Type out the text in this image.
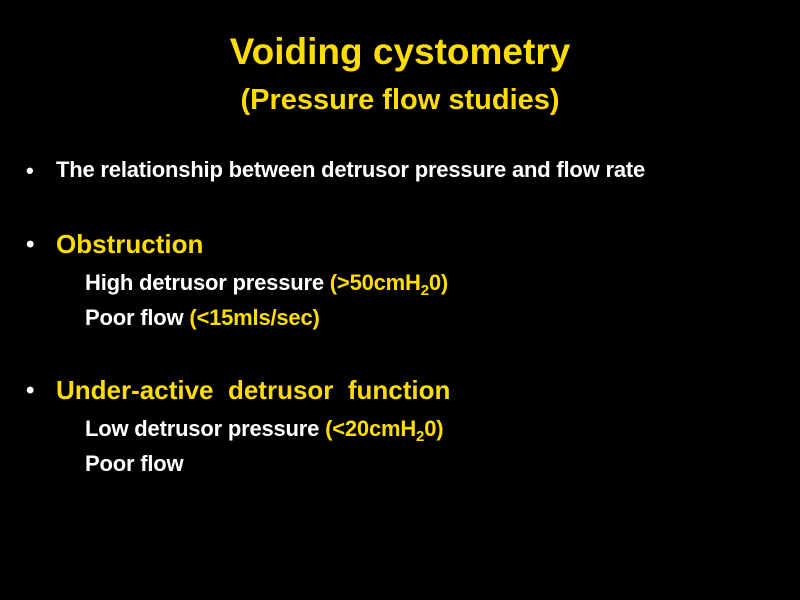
Voiding cystometry
(Pressure flow studies)
• The relationship between detrusor pressure and flow rate
• Obstruction
High detrusor pressure (>50cmH$_2$0)
Poor flow (<15mls/sec)
• Under-active  detrusor  function
Low detrusor pressure (<20cmH$_2$0)
Poor flow
